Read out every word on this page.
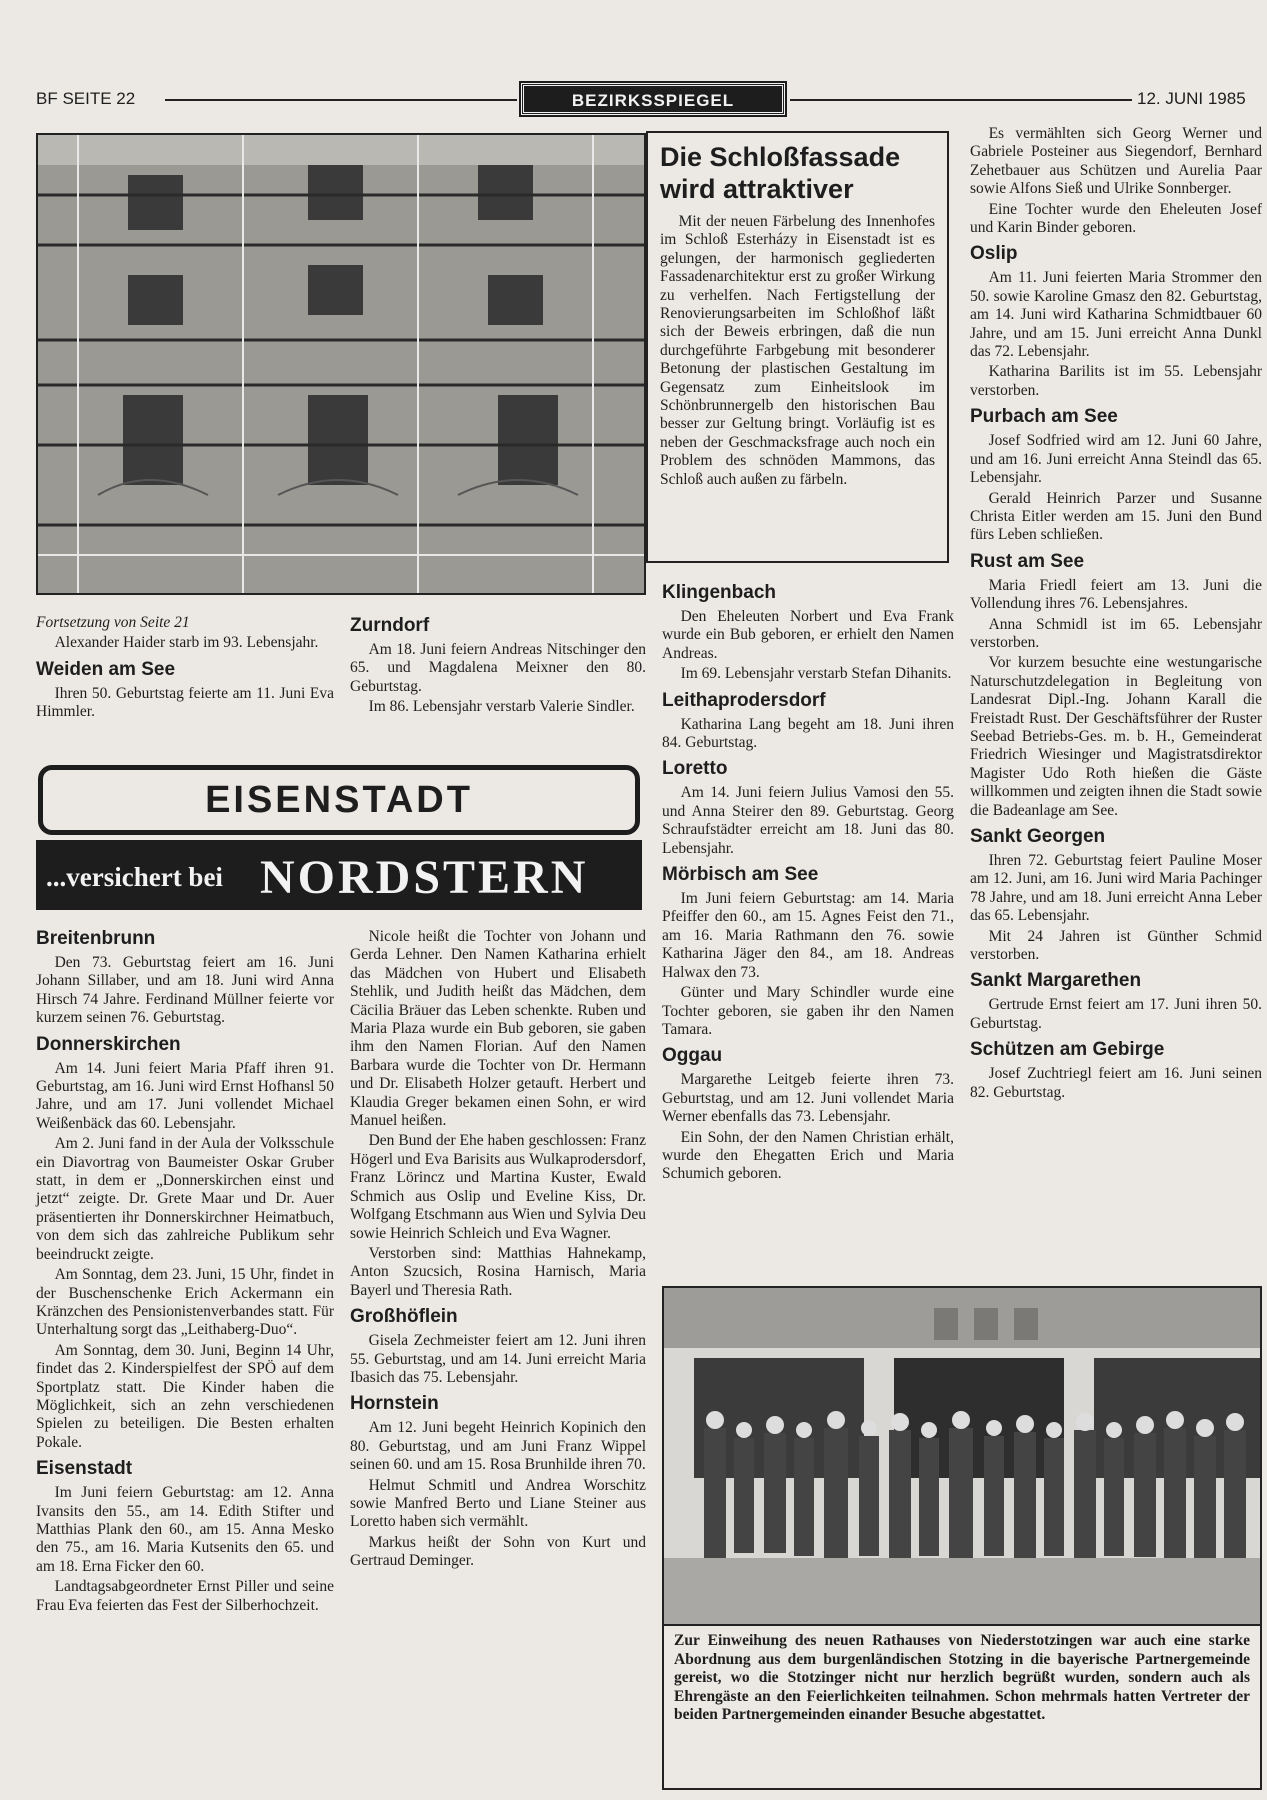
BF SEITE 22	BEZIRKSSPIEGEL	12. JUNI 1985
Die Schloßfassade wird attraktiver

Mit der neuen Färbelung des Innenhofes im Schloß Esterházy in Eisenstadt ist es gelungen, der harmonisch gegliederten Fassadenarchitektur erst zu großer Wirkung zu verhelfen. Nach Fertigstellung der Renovierungsarbeiten im Schloßhof läßt sich der Beweis erbringen, daß die nun durchgeführte Farbgebung mit besonderer Betonung der plastischen Gestaltung im Gegensatz zum Einheitslook im Schönbrunnergelb den historischen Bau besser zur Geltung bringt. Vorläufig ist es neben der Geschmacksfrage auch noch ein Problem des schnöden Mammons, das Schloß auch außen zu färbeln.

Fortsetzung von Seite 21

Alexander Haider starb im 93. Lebensjahr.

Weiden am See

Ihren 50. Geburtstag feierte am 11. Juni Eva Himmler.

Zurndorf

Am 18. Juni feiern Andreas Nitschinger den 65. und Magdalena Meixner den 80. Geburtstag.

Im 86. Lebensjahr verstarb Valerie Sindler.

EISENSTADT
...versichert bei NORDSTERN
Breitenbrunn

Den 73. Geburtstag feiert am 16. Juni Johann Sillaber, und am 18. Juni wird Anna Hirsch 74 Jahre. Ferdinand Müllner feierte vor kurzem seinen 76. Geburtstag.

Donnerskirchen

Am 14. Juni feiert Maria Pfaff ihren 91. Geburtstag, am 16. Juni wird Ernst Hofhansl 50 Jahre, und am 17. Juni vollendet Michael Weißenbäck das 60. Lebensjahr.

Am 2. Juni fand in der Aula der Volksschule ein Diavortrag von Baumeister Oskar Gruber statt, in dem er „Donnerskirchen einst und jetzt“ zeigte. Dr. Grete Maar und Dr. Auer präsentierten ihr Donnerskirchner Heimatbuch, von dem sich das zahlreiche Publikum sehr beeindruckt zeigte.

Am Sonntag, dem 23. Juni, 15 Uhr, findet in der Buschenschenke Erich Ackermann ein Kränzchen des Pensionistenverbandes statt. Für Unterhaltung sorgt das „Leithaberg-Duo“.

Am Sonntag, dem 30. Juni, Beginn 14 Uhr, findet das 2. Kinderspielfest der SPÖ auf dem Sportplatz statt. Die Kinder haben die Möglichkeit, sich an zehn verschiedenen Spielen zu beteiligen. Die Besten erhalten Pokale.

Eisenstadt

Im Juni feiern Geburtstag: am 12. Anna Ivansits den 55., am 14. Edith Stifter und Matthias Plank den 60., am 15. Anna Mesko den 75., am 16. Maria Kutsenits den 65. und am 18. Erna Ficker den 60.

Landtagsabgeordneter Ernst Piller und seine Frau Eva feierten das Fest der Silberhochzeit.

Nicole heißt die Tochter von Johann und Gerda Lehner. Den Namen Katharina erhielt das Mädchen von Hubert und Elisabeth Stehlik, und Judith heißt das Mädchen, dem Cäcilia Bräuer das Leben schenkte. Ruben und Maria Plaza wurde ein Bub geboren, sie gaben ihm den Namen Florian. Auf den Namen Barbara wurde die Tochter von Dr. Hermann und Dr. Elisabeth Holzer getauft. Herbert und Klaudia Greger bekamen einen Sohn, er wird Manuel heißen.

Den Bund der Ehe haben geschlossen: Franz Högerl und Eva Barisits aus Wulkaprodersdorf, Franz Lörincz und Martina Kuster, Ewald Schmich aus Oslip und Eveline Kiss, Dr. Wolfgang Etschmann aus Wien und Sylvia Deu sowie Heinrich Schleich und Eva Wagner.

Verstorben sind: Matthias Hahnekamp, Anton Szucsich, Rosina Harnisch, Maria Bayerl und Theresia Rath.

Großhöflein

Gisela Zechmeister feiert am 12. Juni ihren 55. Geburtstag, und am 14. Juni erreicht Maria Ibasich das 75. Lebensjahr.

Hornstein

Am 12. Juni begeht Heinrich Kopinich den 80. Geburtstag, und am Juni Franz Wippel seinen 60. und am 15. Rosa Brunhilde ihren 70.

Helmut Schmitl und Andrea Worschitz sowie Manfred Berto und Liane Steiner aus Loretto haben sich vermählt.

Markus heißt der Sohn von Kurt und Gertraud Deminger.

Klingenbach

Den Eheleuten Norbert und Eva Frank wurde ein Bub geboren, er erhielt den Namen Andreas.

Im 69. Lebensjahr verstarb Stefan Dihanits.

Leithaprodersdorf

Katharina Lang begeht am 18. Juni ihren 84. Geburtstag.

Loretto

Am 14. Juni feiern Julius Vamosi den 55. und Anna Steirer den 89. Geburtstag. Georg Schraufstädter erreicht am 18. Juni das 80. Lebensjahr.

Mörbisch am See

Im Juni feiern Geburtstag: am 14. Maria Pfeiffer den 60., am 15. Agnes Feist den 71., am 16. Maria Rathmann den 76. sowie Katharina Jäger den 84., am 18. Andreas Halwax den 73.

Günter und Mary Schindler wurde eine Tochter geboren, sie gaben ihr den Namen Tamara.

Oggau

Margarethe Leitgeb feierte ihren 73. Geburtstag, und am 12. Juni vollendet Maria Werner ebenfalls das 73. Lebensjahr.

Ein Sohn, der den Namen Christian erhält, wurde den Ehegatten Erich und Maria Schumich geboren.

Es vermählten sich Georg Werner und Gabriele Posteiner aus Siegendorf, Bernhard Zehetbauer aus Schützen und Aurelia Paar sowie Alfons Sieß und Ulrike Sonnberger.

Eine Tochter wurde den Eheleuten Josef und Karin Binder geboren.

Oslip

Am 11. Juni feierten Maria Strommer den 50. sowie Karoline Gmasz den 82. Geburtstag, am 14. Juni wird Katharina Schmidtbauer 60 Jahre, und am 15. Juni erreicht Anna Dunkl das 72. Lebensjahr.

Katharina Barilits ist im 55. Lebensjahr verstorben.

Purbach am See

Josef Sodfried wird am 12. Juni 60 Jahre, und am 16. Juni erreicht Anna Steindl das 65. Lebensjahr.

Gerald Heinrich Parzer und Susanne Christa Eitler werden am 15. Juni den Bund fürs Leben schließen.

Rust am See

Maria Friedl feiert am 13. Juni die Vollendung ihres 76. Lebensjahres.

Anna Schmidl ist im 65. Lebensjahr verstorben.

Vor kurzem besuchte eine westungarische Naturschutzdelegation in Begleitung von Landesrat Dipl.-Ing. Johann Karall die Freistadt Rust. Der Geschäftsführer der Ruster Seebad Betriebs-Ges. m. b. H., Gemeinderat Friedrich Wiesinger und Magistratsdirektor Magister Udo Roth hießen die Gäste willkommen und zeigten ihnen die Stadt sowie die Badeanlage am See.

Sankt Georgen

Ihren 72. Geburtstag feiert Pauline Moser am 12. Juni, am 16. Juni wird Maria Pachinger 78 Jahre, und am 18. Juni erreicht Anna Leber das 65. Lebensjahr.

Mit 24 Jahren ist Günther Schmid verstorben.

Sankt Margarethen

Gertrude Ernst feiert am 17. Juni ihren 50. Geburtstag.

Schützen am Gebirge

Josef Zuchtriegl feiert am 16. Juni seinen 82. Geburtstag.

Zur Einweihung des neuen Rathauses von Niederstotzingen war auch eine starke Abordnung aus dem burgenländischen Stotzing in die bayerische Partnergemeinde gereist, wo die Stotzinger nicht nur herzlich begrüßt wurden, sondern auch als Ehrengäste an den Feierlichkeiten teilnahmen. Schon mehrmals hatten Vertreter der beiden Partnergemeinden einander Besuche abgestattet.
